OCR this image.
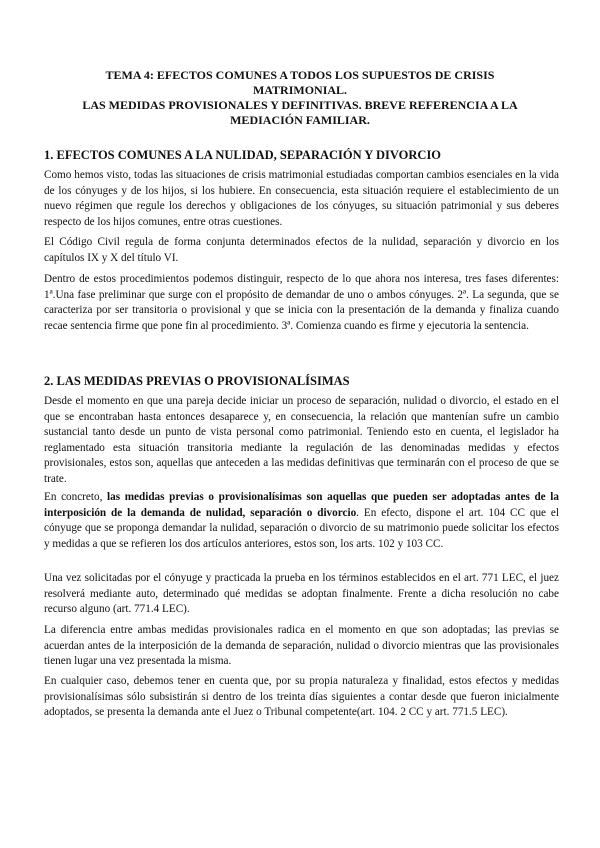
TEMA 4: EFECTOS COMUNES A TODOS LOS SUPUESTOS DE CRISIS MATRIMONIAL.
LAS MEDIDAS PROVISIONALES Y DEFINITIVAS. BREVE REFERENCIA A LA
MEDIACIÓN FAMILIAR.
1. EFECTOS COMUNES A LA NULIDAD, SEPARACIÓN Y DIVORCIO

Como hemos visto, todas las situaciones de crisis matrimonial estudiadas comportan cambios esenciales en la vida de los cónyuges y de los hijos, si los hubiere. En consecuencia, esta situación requiere el establecimiento de un nuevo régimen que regule los derechos y obligaciones de los cónyuges, su situación patrimonial y sus deberes respecto de los hijos comunes, entre otras cuestiones.

El Código Civil regula de forma conjunta determinados efectos de la nulidad, separación y divorcio en los capítulos IX y X del título VI.

Dentro de estos procedimientos podemos distinguir, respecto de lo que ahora nos interesa, tres fases diferentes: 1ª.Una fase preliminar que surge con el propósito de demandar de uno o ambos cónyuges. 2ª. La segunda, que se caracteriza por ser transitoria o provisional y que se inicia con la presentación de la demanda y finaliza cuando recae sentencia firme que pone fin al procedimiento. 3ª. Comienza cuando es firme y ejecutoria la sentencia.

2. LAS MEDIDAS PREVIAS O PROVISIONALÍSIMAS

Desde el momento en que una pareja decide iniciar un proceso de separación, nulidad o divorcio, el estado en el que se encontraban hasta entonces desaparece y, en consecuencia, la relación que mantenían sufre un cambio sustancial tanto desde un punto de vista personal como patrimonial. Teniendo esto en cuenta, el legislador ha reglamentado esta situación transitoria mediante la regulación de las denominadas medidas y efectos provisionales, estos son, aquellas que anteceden a las medidas definitivas que terminarán con el proceso de que se trate.

En concreto, las medidas previas o provisionalísimas son aquellas que pueden ser adoptadas antes de la interposición de la demanda de nulidad, separación o divorcio. En efecto, dispone el art. 104 CC que el cónyuge que se proponga demandar la nulidad, separación o divorcio de su matrimonio puede solicitar los efectos y medidas a que se refieren los dos artículos anteriores, estos son, los arts. 102 y 103 CC.

Una vez solicitadas por el cónyuge y practicada la prueba en los términos establecidos en el art. 771 LEC, el juez resolverá mediante auto, determinado qué medidas se adoptan finalmente. Frente a dicha resolución no cabe recurso alguno (art. 771.4 LEC).

La diferencia entre ambas medidas provisionales radica en el momento en que son adoptadas; las previas se acuerdan antes de la interposición de la demanda de separación, nulidad o divorcio mientras que las provisionales tienen lugar una vez presentada la misma.

En cualquier caso, debemos tener en cuenta que, por su propia naturaleza y finalidad, estos efectos y medidas provisionalísimas sólo subsistirán si dentro de los treinta días siguientes a contar desde que fueron inicialmente adoptados, se presenta la demanda ante el Juez o Tribunal competente(art. 104. 2 CC y art. 771.5 LEC).
